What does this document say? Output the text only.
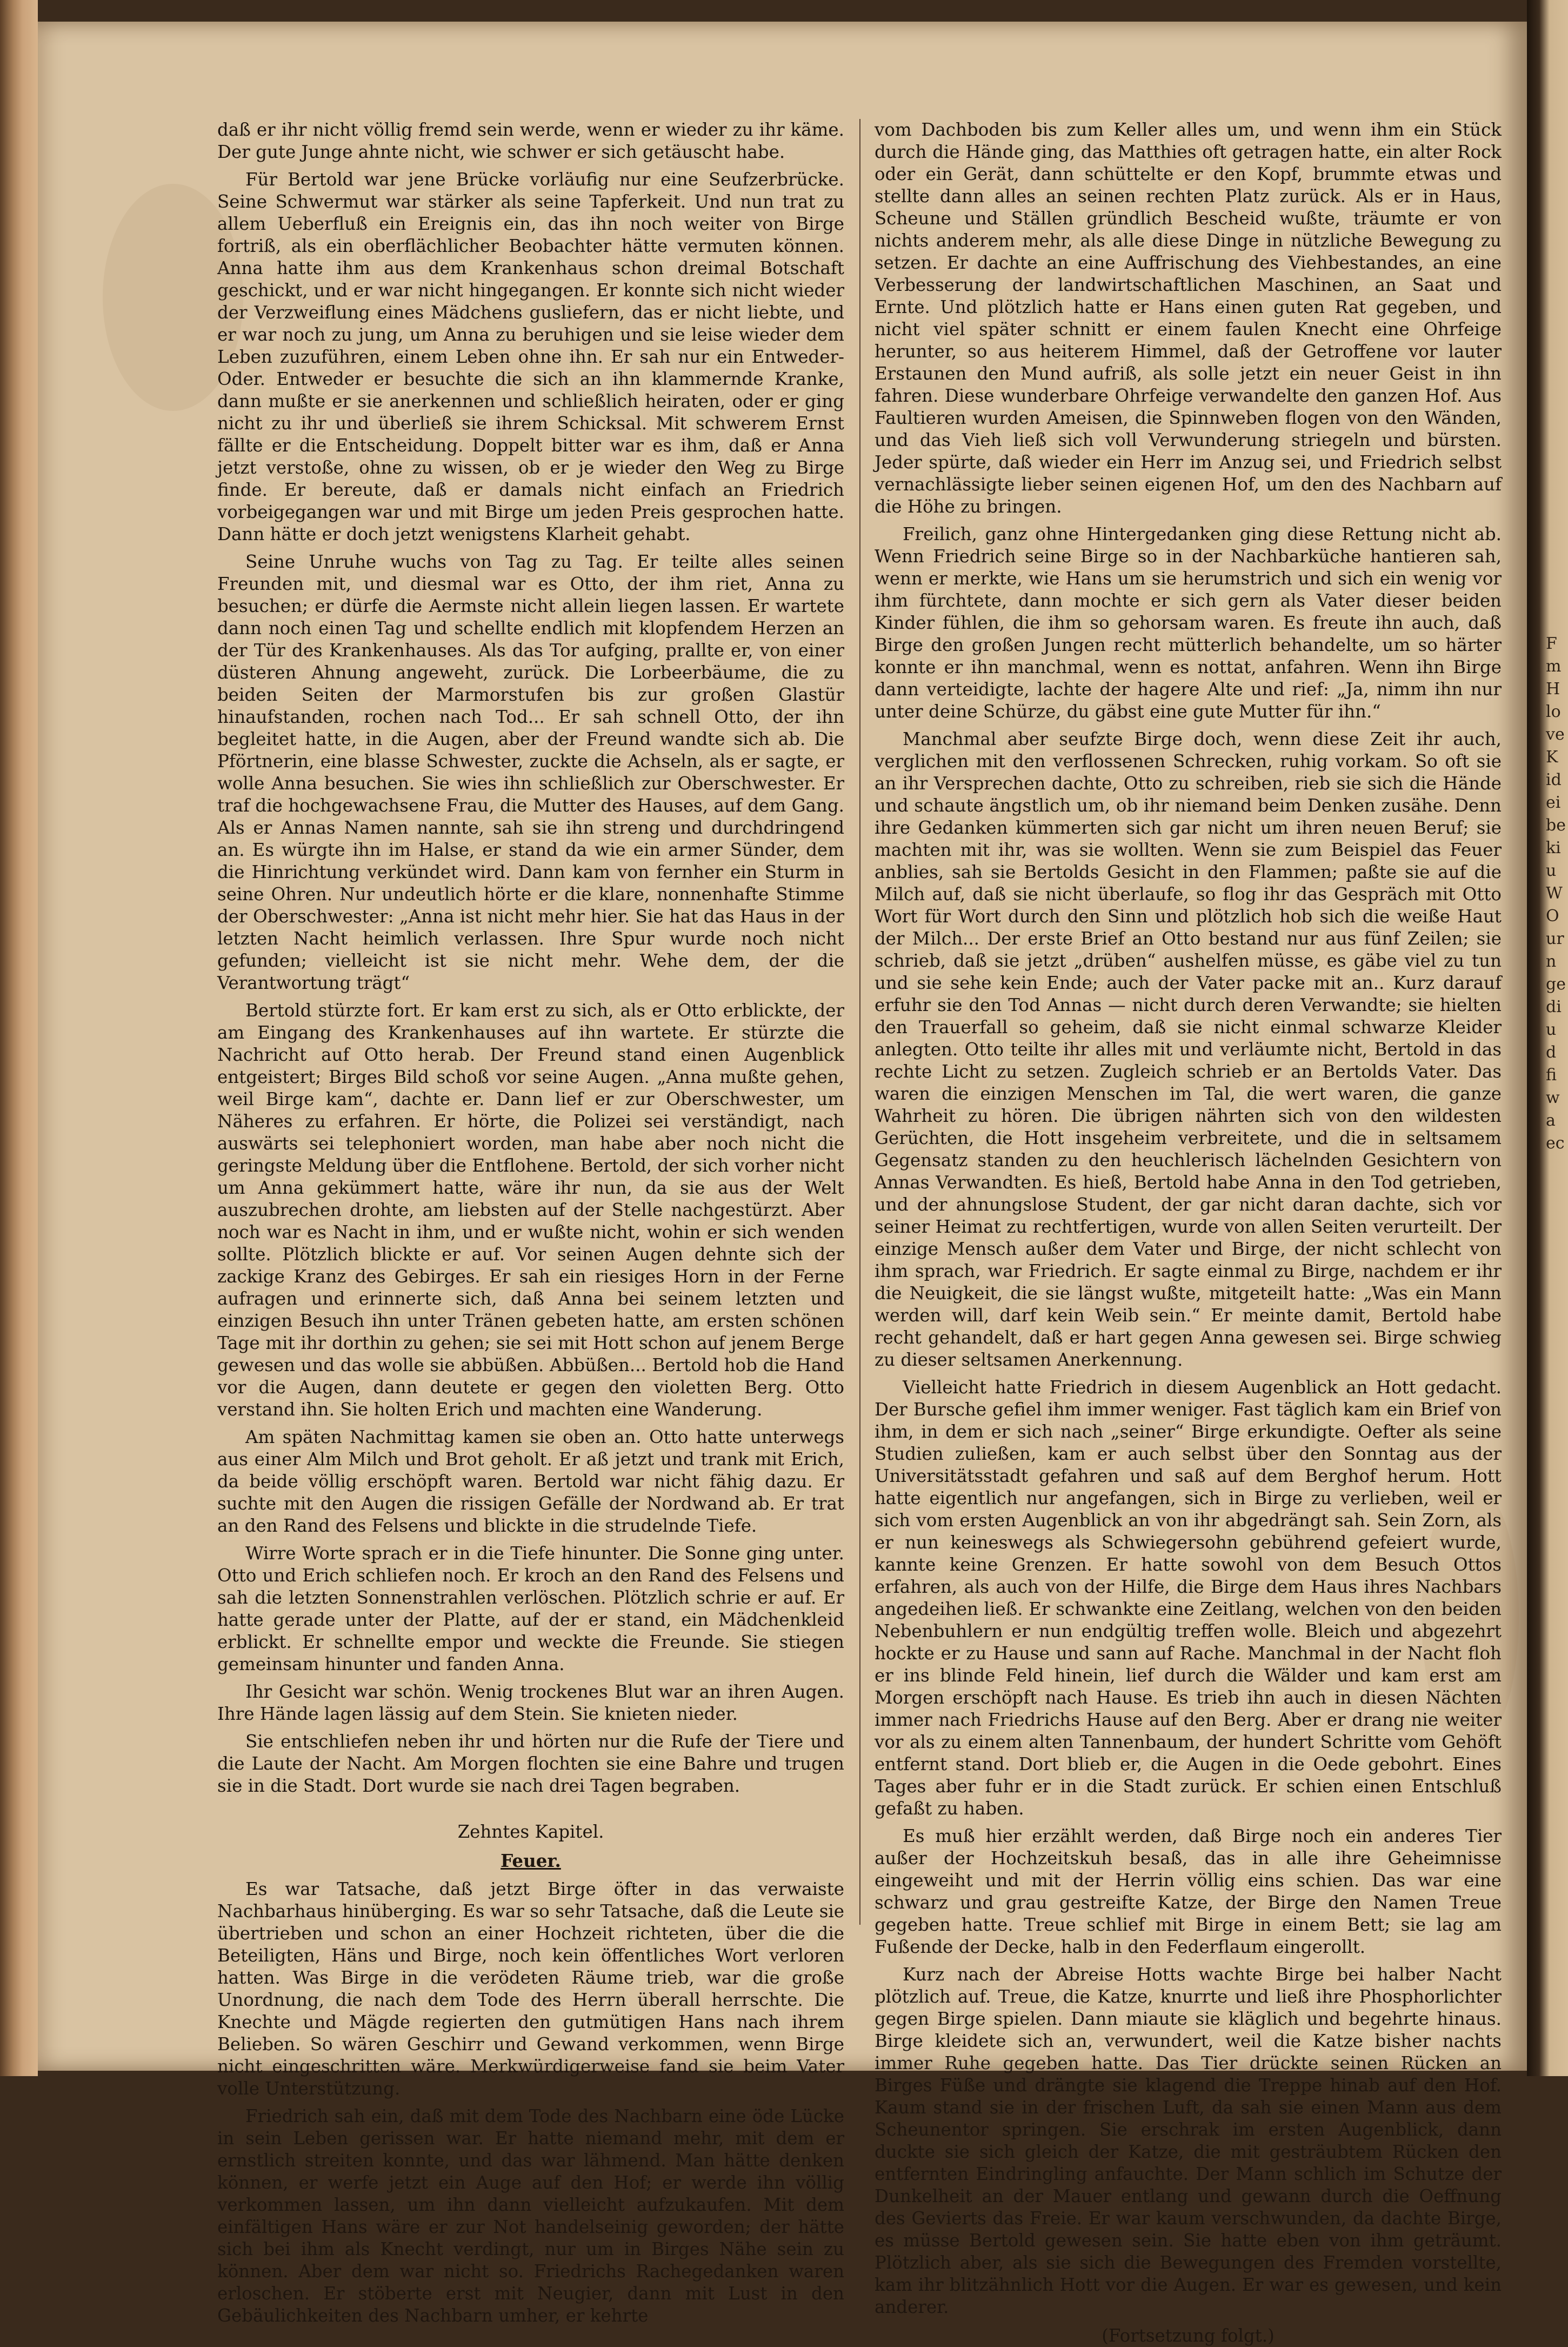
F m H lo ve K id ei be ki u W O ur n ge di u d fi w a ec

daß er ihr nicht völlig fremd sein werde, wenn er wieder zu ihr käme. Der gute Junge ahnte nicht, wie schwer er sich getäuscht habe.

Für Bertold war jene Brücke vorläufig nur eine Seufzerbrücke. Seine Schwermut war stärker als seine Tapferkeit. Und nun trat zu allem Ueberfluß ein Ereignis ein, das ihn noch weiter von Birge fortriß, als ein oberflächlicher Beobachter hätte vermuten können. Anna hatte ihm aus dem Krankenhaus schon dreimal Botschaft geschickt, und er war nicht hingegangen. Er konnte sich nicht wieder der Verzweiflung eines Mädchens gusliefern, das er nicht liebte, und er war noch zu jung, um Anna zu beruhigen und sie leise wieder dem Leben zuzuführen, einem Leben ohne ihn. Er sah nur ein Entweder-Oder. Entweder er besuchte die sich an ihn klammernde Kranke, dann mußte er sie anerkennen und schließlich heiraten, oder er ging nicht zu ihr und überließ sie ihrem Schicksal. Mit schwerem Ernst fällte er die Entscheidung. Doppelt bitter war es ihm, daß er Anna jetzt verstoße, ohne zu wissen, ob er je wieder den Weg zu Birge finde. Er bereute, daß er damals nicht einfach an Friedrich vorbeigegangen war und mit Birge um jeden Preis gesprochen hatte. Dann hätte er doch jetzt wenigstens Klarheit gehabt.

Seine Unruhe wuchs von Tag zu Tag. Er teilte alles seinen Freunden mit, und diesmal war es Otto, der ihm riet, Anna zu besuchen; er dürfe die Aermste nicht allein liegen lassen. Er wartete dann noch einen Tag und schellte endlich mit klopfendem Herzen an der Tür des Krankenhauses. Als das Tor aufging, prallte er, von einer düsteren Ahnung angeweht, zurück. Die Lorbeerbäume, die zu beiden Seiten der Marmorstufen bis zur großen Glastür hinaufstanden, rochen nach Tod... Er sah schnell Otto, der ihn begleitet hatte, in die Augen, aber der Freund wandte sich ab. Die Pförtnerin, eine blasse Schwester, zuckte die Achseln, als er sagte, er wolle Anna besuchen. Sie wies ihn schließlich zur Oberschwester. Er traf die hochgewachsene Frau, die Mutter des Hauses, auf dem Gang. Als er Annas Namen nannte, sah sie ihn streng und durchdringend an. Es würgte ihn im Halse, er stand da wie ein armer Sünder, dem die Hinrichtung verkündet wird. Dann kam von fernher ein Sturm in seine Ohren. Nur undeutlich hörte er die klare, nonnenhafte Stimme der Oberschwester: „Anna ist nicht mehr hier. Sie hat das Haus in der letzten Nacht heimlich verlassen. Ihre Spur wurde noch nicht gefunden; vielleicht ist sie nicht mehr. Wehe dem, der die Verantwortung trägt“

Bertold stürzte fort. Er kam erst zu sich, als er Otto erblickte, der am Eingang des Krankenhauses auf ihn wartete. Er stürzte die Nachricht auf Otto herab. Der Freund stand einen Augenblick entgeistert; Birges Bild schoß vor seine Augen. „Anna mußte gehen, weil Birge kam“, dachte er. Dann lief er zur Oberschwester, um Näheres zu erfahren. Er hörte, die Polizei sei verständigt, nach auswärts sei telephoniert worden, man habe aber noch nicht die geringste Meldung über die Entflohene. Bertold, der sich vorher nicht um Anna gekümmert hatte, wäre ihr nun, da sie aus der Welt auszubrechen drohte, am liebsten auf der Stelle nachgestürzt. Aber noch war es Nacht in ihm, und er wußte nicht, wohin er sich wenden sollte. Plötzlich blickte er auf. Vor seinen Augen dehnte sich der zackige Kranz des Gebirges. Er sah ein riesiges Horn in der Ferne aufragen und erinnerte sich, daß Anna bei seinem letzten und einzigen Besuch ihn unter Tränen gebeten hatte, am ersten schönen Tage mit ihr dorthin zu gehen; sie sei mit Hott schon auf jenem Berge gewesen und das wolle sie abbüßen. Abbüßen... Bertold hob die Hand vor die Augen, dann deutete er gegen den violetten Berg. Otto verstand ihn. Sie holten Erich und machten eine Wanderung.

Am späten Nachmittag kamen sie oben an. Otto hatte unterwegs aus einer Alm Milch und Brot geholt. Er aß jetzt und trank mit Erich, da beide völlig erschöpft waren. Bertold war nicht fähig dazu. Er suchte mit den Augen die rissigen Gefälle der Nordwand ab. Er trat an den Rand des Felsens und blickte in die strudelnde Tiefe.

Wirre Worte sprach er in die Tiefe hinunter. Die Sonne ging unter. Otto und Erich schliefen noch. Er kroch an den Rand des Felsens und sah die letzten Sonnenstrahlen verlöschen. Plötzlich schrie er auf. Er hatte gerade unter der Platte, auf der er stand, ein Mädchenkleid erblickt. Er schnellte empor und weckte die Freunde. Sie stiegen gemeinsam hinunter und fanden Anna.

Ihr Gesicht war schön. Wenig trockenes Blut war an ihren Augen. Ihre Hände lagen lässig auf dem Stein. Sie knieten nieder.

Sie entschliefen neben ihr und hörten nur die Rufe der Tiere und die Laute der Nacht. Am Morgen flochten sie eine Bahre und trugen sie in die Stadt. Dort wurde sie nach drei Tagen begraben.

Zehntes Kapitel.
Feuer.

Es war Tatsache, daß jetzt Birge öfter in das verwaiste Nachbarhaus hinüberging. Es war so sehr Tatsache, daß die Leute sie übertrieben und schon an einer Hochzeit richteten, über die die Beteiligten, Häns und Birge, noch kein öffentliches Wort verloren hatten. Was Birge in die verödeten Räume trieb, war die große Unordnung, die nach dem Tode des Herrn überall herrschte. Die Knechte und Mägde regierten den gutmütigen Hans nach ihrem Belieben. So wären Geschirr und Gewand verkommen, wenn Birge nicht eingeschritten wäre. Merkwürdigerweise fand sie beim Vater volle Unterstützung.

Friedrich sah ein, daß mit dem Tode des Nachbarn eine öde Lücke in sein Leben gerissen war. Er hatte niemand mehr, mit dem er ernstlich streiten konnte, und das war lähmend. Man hätte denken können, er werfe jetzt ein Auge auf den Hof; er werde ihn völlig verkommen lassen, um ihn dann vielleicht aufzukaufen. Mit dem einfältigen Hans wäre er zur Not handelseinig geworden; der hätte sich bei ihm als Knecht verdingt, nur um in Birges Nähe sein zu können. Aber dem war nicht so. Friedrichs Rachegedanken waren erloschen. Er stöberte erst mit Neugier, dann mit Lust in den Gebäulichkeiten des Nachbarn umher, er kehrte

vom Dachboden bis zum Keller alles um, und wenn ihm ein Stück durch die Hände ging, das Matthies oft getragen hatte, ein alter Rock oder ein Gerät, dann schüttelte er den Kopf, brummte etwas und stellte dann alles an seinen rechten Platz zurück. Als er in Haus, Scheune und Ställen gründlich Bescheid wußte, träumte er von nichts anderem mehr, als alle diese Dinge in nützliche Bewegung zu setzen. Er dachte an eine Auffrischung des Viehbestandes, an eine Verbesserung der landwirtschaftlichen Maschinen, an Saat und Ernte. Und plötzlich hatte er Hans einen guten Rat gegeben, und nicht viel später schnitt er einem faulen Knecht eine Ohrfeige herunter, so aus heiterem Himmel, daß der Getroffene vor lauter Erstaunen den Mund aufriß, als solle jetzt ein neuer Geist in ihn fahren. Diese wunderbare Ohrfeige verwandelte den ganzen Hof. Aus Faultieren wurden Ameisen, die Spinnweben flogen von den Wänden, und das Vieh ließ sich voll Verwunderung striegeln und bürsten. Jeder spürte, daß wieder ein Herr im Anzug sei, und Friedrich selbst vernachlässigte lieber seinen eigenen Hof, um den des Nachbarn auf die Höhe zu bringen.

Freilich, ganz ohne Hintergedanken ging diese Rettung nicht ab. Wenn Friedrich seine Birge so in der Nachbarküche hantieren sah, wenn er merkte, wie Hans um sie herumstrich und sich ein wenig vor ihm fürchtete, dann mochte er sich gern als Vater dieser beiden Kinder fühlen, die ihm so gehorsam waren. Es freute ihn auch, daß Birge den großen Jungen recht mütterlich behandelte, um so härter konnte er ihn manchmal, wenn es nottat, anfahren. Wenn ihn Birge dann verteidigte, lachte der hagere Alte und rief: „Ja, nimm ihn nur unter deine Schürze, du gäbst eine gute Mutter für ihn.“

Manchmal aber seufzte Birge doch, wenn diese Zeit ihr auch, verglichen mit den verflossenen Schrecken, ruhig vorkam. So oft sie an ihr Versprechen dachte, Otto zu schreiben, rieb sie sich die Hände und schaute ängstlich um, ob ihr niemand beim Denken zusähe. Denn ihre Gedanken kümmerten sich gar nicht um ihren neuen Beruf; sie machten mit ihr, was sie wollten. Wenn sie zum Beispiel das Feuer anblies, sah sie Bertolds Gesicht in den Flammen; paßte sie auf die Milch auf, daß sie nicht überlaufe, so flog ihr das Gespräch mit Otto Wort für Wort durch den Sinn und plötzlich hob sich die weiße Haut der Milch... Der erste Brief an Otto bestand nur aus fünf Zeilen; sie schrieb, daß sie jetzt „drüben“ aushelfen müsse, es gäbe viel zu tun und sie sehe kein Ende; auch der Vater packe mit an.. Kurz darauf erfuhr sie den Tod Annas — nicht durch deren Verwandte; sie hielten den Trauerfall so geheim, daß sie nicht einmal schwarze Kleider anlegten. Otto teilte ihr alles mit und verläumte nicht, Bertold in das rechte Licht zu setzen. Zugleich schrieb er an Bertolds Vater. Das waren die einzigen Menschen im Tal, die wert waren, die ganze Wahrheit zu hören. Die übrigen nährten sich von den wildesten Gerüchten, die Hott insgeheim verbreitete, und die in seltsamem Gegensatz standen zu den heuchlerisch lächelnden Gesichtern von Annas Verwandten. Es hieß, Bertold habe Anna in den Tod getrieben, und der ahnungslose Student, der gar nicht daran dachte, sich vor seiner Heimat zu rechtfertigen, wurde von allen Seiten verurteilt. Der einzige Mensch außer dem Vater und Birge, der nicht schlecht von ihm sprach, war Friedrich. Er sagte einmal zu Birge, nachdem er ihr die Neuigkeit, die sie längst wußte, mitgeteilt hatte: „Was ein Mann werden will, darf kein Weib sein.“ Er meinte damit, Bertold habe recht gehandelt, daß er hart gegen Anna gewesen sei. Birge schwieg zu dieser seltsamen Anerkennung.

Vielleicht hatte Friedrich in diesem Augenblick an Hott gedacht. Der Bursche gefiel ihm immer weniger. Fast täglich kam ein Brief von ihm, in dem er sich nach „seiner“ Birge erkundigte. Oefter als seine Studien zuließen, kam er auch selbst über den Sonntag aus der Universitätsstadt gefahren und saß auf dem Berghof herum. Hott hatte eigentlich nur angefangen, sich in Birge zu verlieben, weil er sich vom ersten Augenblick an von ihr abgedrängt sah. Sein Zorn, als er nun keineswegs als Schwiegersohn gebührend gefeiert wurde, kannte keine Grenzen. Er hatte sowohl von dem Besuch Ottos erfahren, als auch von der Hilfe, die Birge dem Haus ihres Nachbars angedeihen ließ. Er schwankte eine Zeitlang, welchen von den beiden Nebenbuhlern er nun endgültig treffen wolle. Bleich und abgezehrt hockte er zu Hause und sann auf Rache. Manchmal in der Nacht floh er ins blinde Feld hinein, lief durch die Wälder und kam erst am Morgen erschöpft nach Hause. Es trieb ihn auch in diesen Nächten immer nach Friedrichs Hause auf den Berg. Aber er drang nie weiter vor als zu einem alten Tannenbaum, der hundert Schritte vom Gehöft entfernt stand. Dort blieb er, die Augen in die Oede gebohrt. Eines Tages aber fuhr er in die Stadt zurück. Er schien einen Entschluß gefaßt zu haben.

Es muß hier erzählt werden, daß Birge noch ein anderes Tier außer der Hochzeitskuh besaß, das in alle ihre Geheimnisse eingeweiht und mit der Herrin völlig eins schien. Das war eine schwarz und grau gestreifte Katze, der Birge den Namen Treue gegeben hatte. Treue schlief mit Birge in einem Bett; sie lag am Fußende der Decke, halb in den Federflaum eingerollt.

Kurz nach der Abreise Hotts wachte Birge bei halber Nacht plötzlich auf. Treue, die Katze, knurrte und ließ ihre Phosphorlichter gegen Birge spielen. Dann miaute sie kläglich und begehrte hinaus. Birge kleidete sich an, verwundert, weil die Katze bisher nachts immer Ruhe gegeben hatte. Das Tier drückte seinen Rücken an Birges Füße und drängte sie klagend die Treppe hinab auf den Hof. Kaum stand sie in der frischen Luft, da sah sie einen Mann aus dem Scheunentor springen. Sie erschrak im ersten Augenblick, dann duckte sie sich gleich der Katze, die mit gesträubtem Rücken den entfernten Eindringling anfauchte. Der Mann schlich im Schutze der Dunkelheit an der Mauer entlang und gewann durch die Oeffnung des Gevierts das Freie. Er war kaum verschwunden, da dachte Birge, es müsse Bertold gewesen sein. Sie hatte eben von ihm geträumt. Plötzlich aber, als sie sich die Bewegungen des Fremden vorstellte, kam ihr blitzähnlich Hott vor die Augen. Er war es gewesen, und kein anderer.

(Fortsetzung folgt.)
